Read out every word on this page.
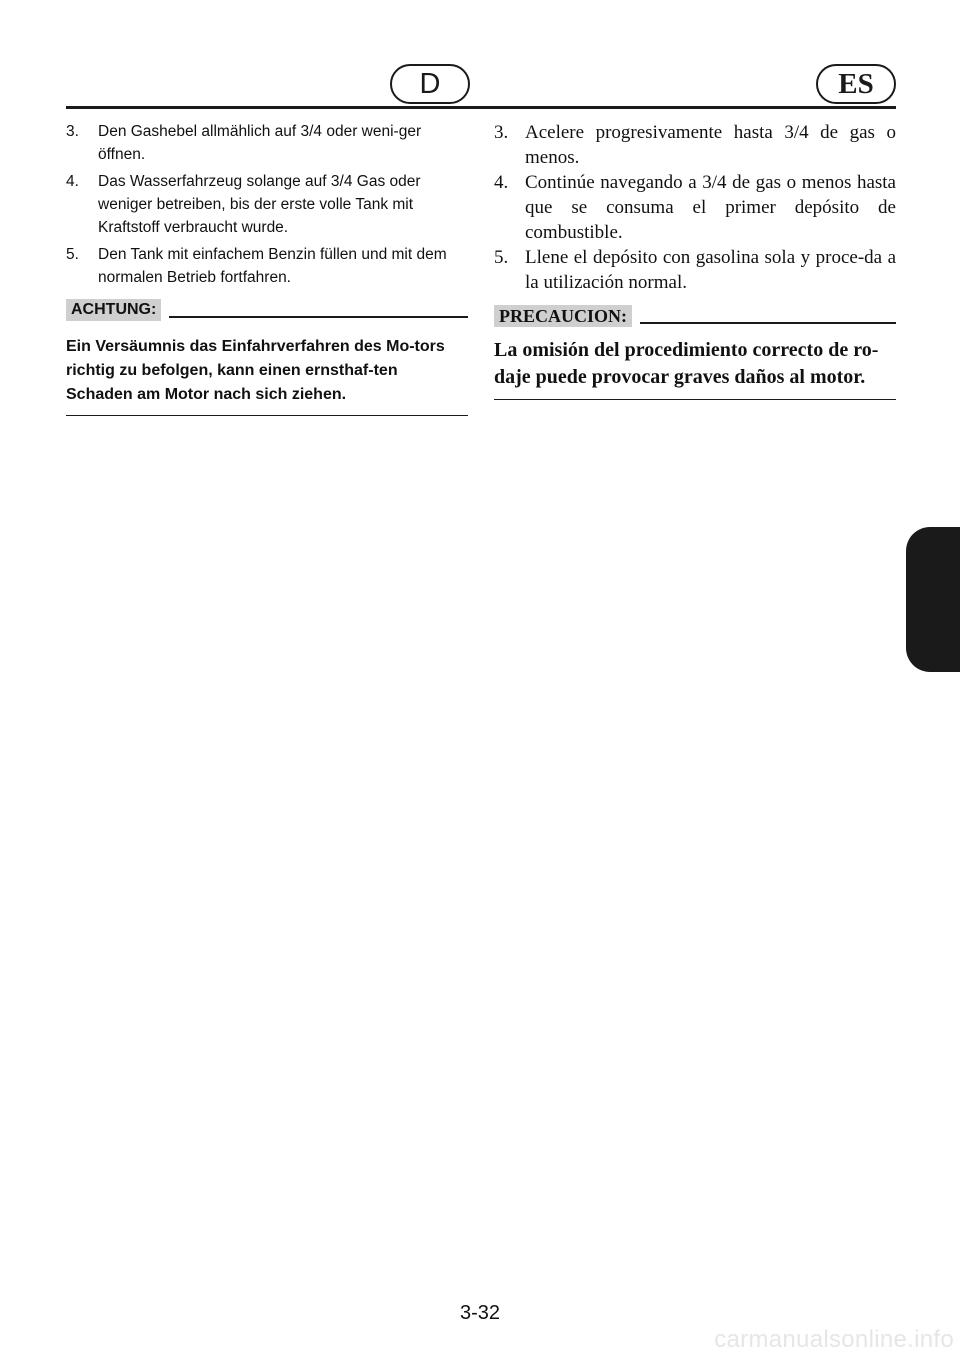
D	ES
3.	Den Gashebel allmählich auf 3/4 oder weni-ger öffnen.
4.	Das Wasserfahrzeug solange auf 3/4 Gas oder weniger betreiben, bis der erste volle Tank mit Kraftstoff verbraucht wurde.
5.	Den Tank mit einfachem Benzin füllen und mit dem normalen Betrieb fortfahren.
ACHTUNG:
Ein Versäumnis das Einfahrverfahren des Mo-tors richtig zu befolgen, kann einen ernsthaf-ten Schaden am Motor nach sich ziehen.
3. Acelere progresivamente hasta 3/4 de gas o menos.
4. Continúe navegando a 3/4 de gas o menos hasta que se consuma el primer depósito de combustible.
5. Llene el depósito con gasolina sola y proce-da a la utilización normal.
PRECAUCION:
La omisión del procedimiento correcto de ro-daje puede provocar graves daños al motor.
3-32
carmanualsonline.info
